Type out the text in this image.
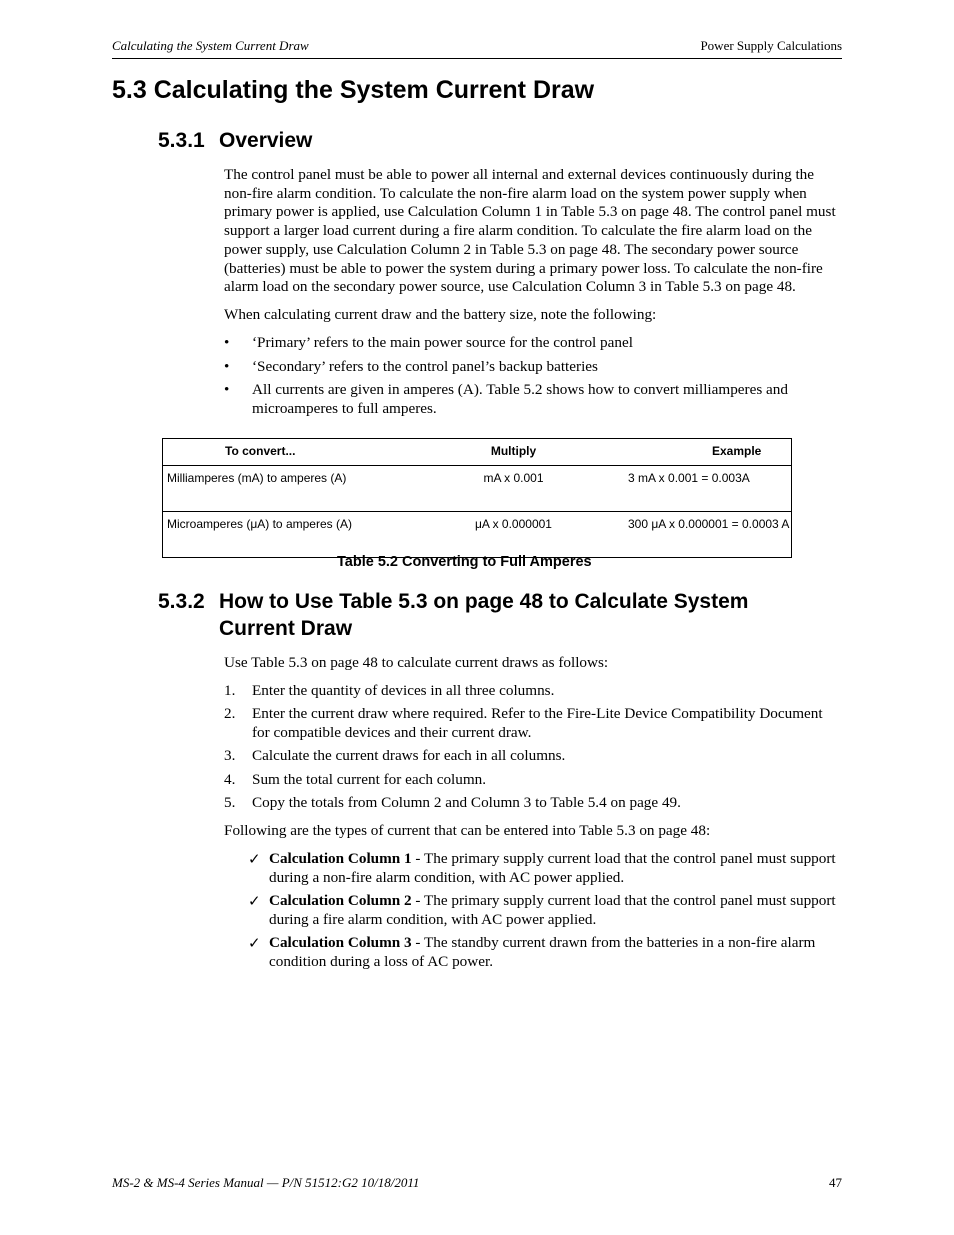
Calculating the System Current Draw	Power Supply Calculations
5.3 Calculating the System Current Draw
5.3.1 Overview

The control panel must be able to power all internal and external devices continuously during the non-fire alarm condition. To calculate the non-fire alarm load on the system power supply when primary power is applied, use Calculation Column 1 in Table 5.3 on page 48. The control panel must support a larger load current during a fire alarm condition. To calculate the fire alarm load on the power supply, use Calculation Column 2 in Table 5.3 on page 48. The secondary power source (batteries) must be able to power the system during a primary power loss. To calculate the non-fire alarm load on the secondary power source, use Calculation Column 3 in Table 5.3 on page 48.

When calculating current draw and the battery size, note the following:

• ‘Primary’ refers to the main power source for the control panel
• ‘Secondary’ refers to the control panel’s backup batteries
• All currents are given in amperes (A). Table 5.2 shows how to convert milliamperes and microamperes to full amperes.
To convert...	Multiply	Example
Milliamperes (mA) to amperes (A)	mA x 0.001	3 mA x 0.001 = 0.003A
Microamperes (μA) to amperes (A)	μA x 0.000001	300 μA x 0.000001 = 0.0003 A
Table 5.2 Converting to Full Amperes
5.3.2 How to Use Table 5.3 on page 48 to Calculate System
Current Draw

Use Table 5.3 on page 48 to calculate current draws as follows:

1. Enter the quantity of devices in all three columns.
2. Enter the current draw where required. Refer to the Fire-Lite Device Compatibility Document for compatible devices and their current draw.
3. Calculate the current draws for each in all columns.
4. Sum the total current for each column.
5. Copy the totals from Column 2 and Column 3 to Table 5.4 on page 49.

Following are the types of current that can be entered into Table 5.3 on page 48:

✓ Calculation Column 1 - The primary supply current load that the control panel must support during a non-fire alarm condition, with AC power applied.
✓ Calculation Column 2 - The primary supply current load that the control panel must support during a fire alarm condition, with AC power applied.
✓ Calculation Column 3 - The standby current drawn from the batteries in a non-fire alarm condition during a loss of AC power.
MS-2 & MS-4 Series Manual — P/N 51512:G2 10/18/2011	47
